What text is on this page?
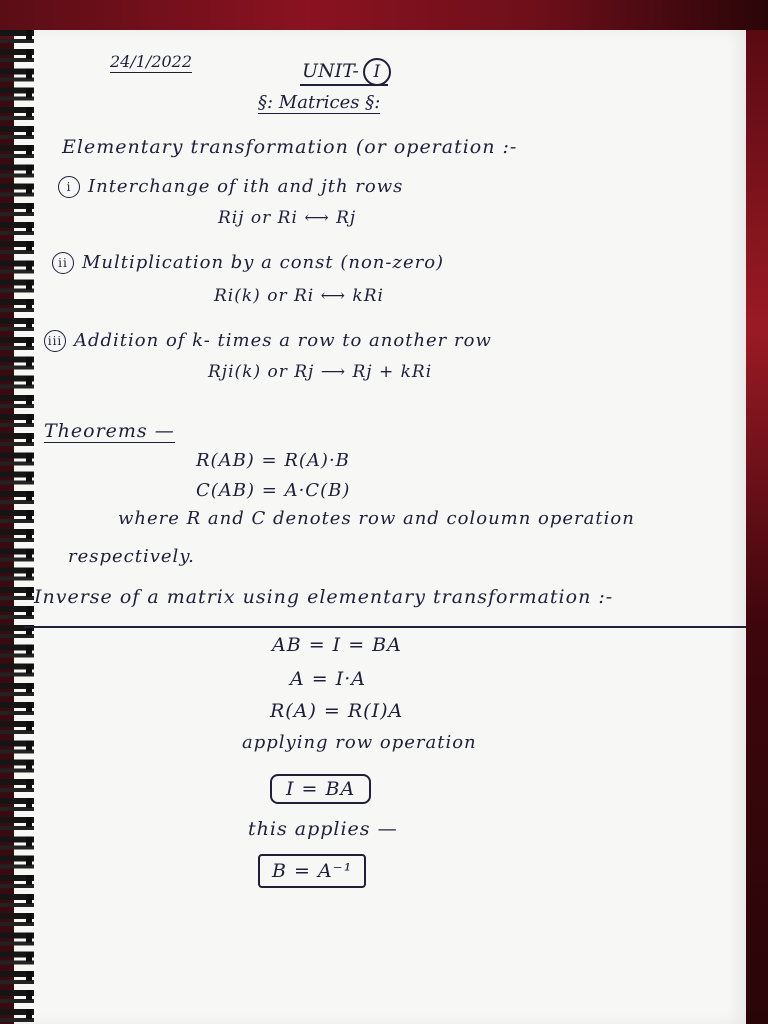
24/1/2022	UNIT- I
§: Matrices §:
Elementary transformation (or operation :-
i Interchange of ith and jth rows
Rij or Ri ⟷ Rj
ii Multiplication by a const (non-zero)
Ri(k) or Ri ⟷ kRi
iii Addition of k- times a row to another row
Rji(k) or Rj ⟶ Rj + kRi
Theorems —
R(AB) = R(A)·B
C(AB) = A·C(B)
where R and C denotes row and coloumn operation
respectively.
Inverse of a matrix using elementary transformation :-
AB = I = BA
A = I·A
R(A) = R(I)A
applying row operation
I = BA
this applies —
B = A⁻¹
